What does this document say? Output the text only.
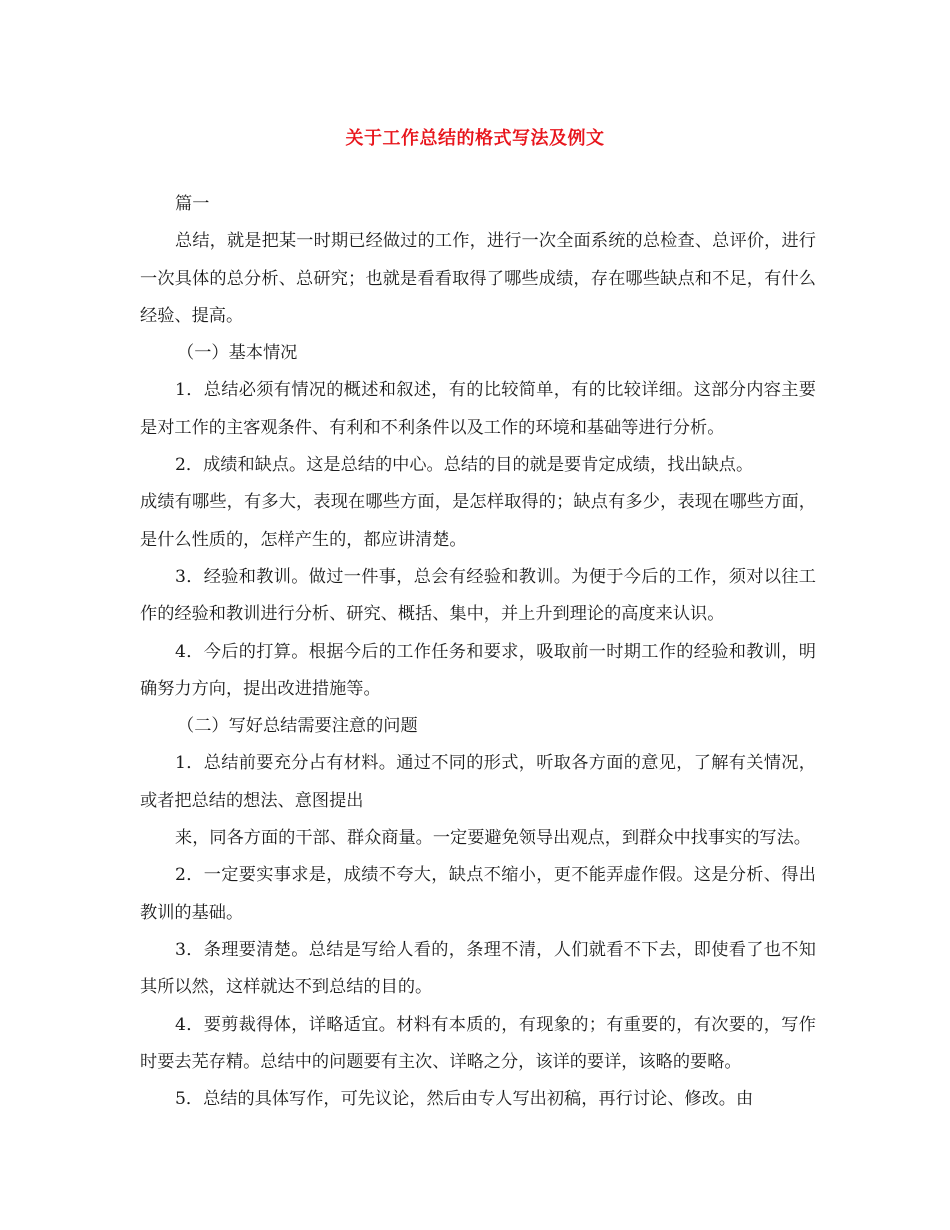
关于工作总结的格式写法及例文

篇一

总结，就是把某一时期已经做过的工作，进行一次全面系统的总检查、总评价，进行一次具体的总分析、总研究；也就是看看取得了哪些成绩，存在哪些缺点和不足，有什么经验、提高。

（一）基本情况

1．总结必须有情况的概述和叙述，有的比较简单，有的比较详细。这部分内容主要是对工作的主客观条件、有利和不利条件以及工作的环境和基础等进行分析。

2．成绩和缺点。这是总结的中心。总结的目的就是要肯定成绩，找出缺点。

成绩有哪些，有多大，表现在哪些方面，是怎样取得的；缺点有多少，表现在哪些方面，是什么性质的，怎样产生的，都应讲清楚。

3．经验和教训。做过一件事，总会有经验和教训。为便于今后的工作，须对以往工作的经验和教训进行分析、研究、概括、集中，并上升到理论的高度来认识。

4．今后的打算。根据今后的工作任务和要求，吸取前一时期工作的经验和教训，明确努力方向，提出改进措施等。

（二）写好总结需要注意的问题

1．总结前要充分占有材料。通过不同的形式，听取各方面的意见，了解有关情况，或者把总结的想法、意图提出

来，同各方面的干部、群众商量。一定要避免领导出观点，到群众中找事实的写法。

2．一定要实事求是，成绩不夸大，缺点不缩小，更不能弄虚作假。这是分析、得出教训的基础。

3．条理要清楚。总结是写给人看的，条理不清，人们就看不下去，即使看了也不知其所以然，这样就达不到总结的目的。

4．要剪裁得体，详略适宜。材料有本质的，有现象的；有重要的，有次要的，写作时要去芜存精。总结中的问题要有主次、详略之分，该详的要详，该略的要略。

5．总结的具体写作，可先议论，然后由专人写出初稿，再行讨论、修改。由
